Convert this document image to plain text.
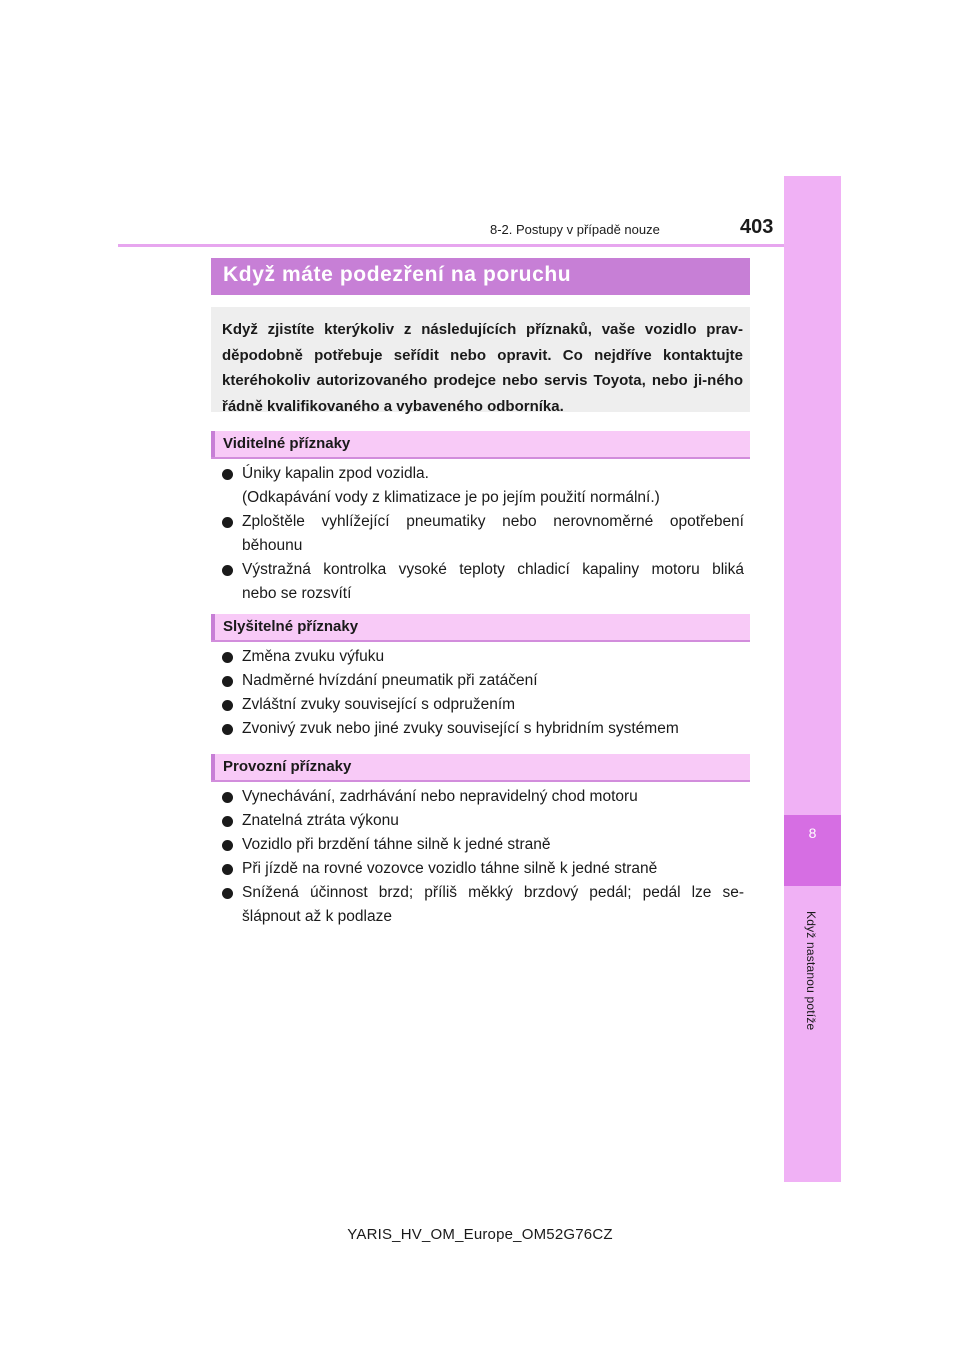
8
Když nastanou potíže
8-2. Postupy v případě nouze	403
Když máte podezření na poruchu

Když zjistíte kterýkoliv z následujících příznaků, vaše vozidlo prav-děpodobně potřebuje seřídit nebo opravit. Co nejdříve kontaktujte kteréhokoliv autorizovaného prodejce nebo servis Toyota, nebo ji-ného řádně kvalifikovaného a vybaveného odborníka.

Viditelné příznaky
Úniky kapalin zpod vozidla.
(Odkapávání vody z klimatizace je po jejím použití normální.)
Zploštěle vyhlížející pneumatiky nebo nerovnoměrné opotřebení
běhounu
Výstražná kontrolka vysoké teploty chladicí kapaliny motoru bliká
nebo se rozsvítí
Slyšitelné příznaky
Změna zvuku výfuku
Nadměrné hvízdání pneumatik při zatáčení
Zvláštní zvuky související s odpružením
Zvonivý zvuk nebo jiné zvuky související s hybridním systémem
Provozní příznaky
Vynechávání, zadrhávání nebo nepravidelný chod motoru
Znatelná ztráta výkonu
Vozidlo při brzdění táhne silně k jedné straně
Při jízdě na rovné vozovce vozidlo táhne silně k jedné straně
Snížená účinnost brzd; příliš měkký brzdový pedál; pedál lze se-
šlápnout až k podlaze
YARIS_HV_OM_Europe_OM52G76CZ
